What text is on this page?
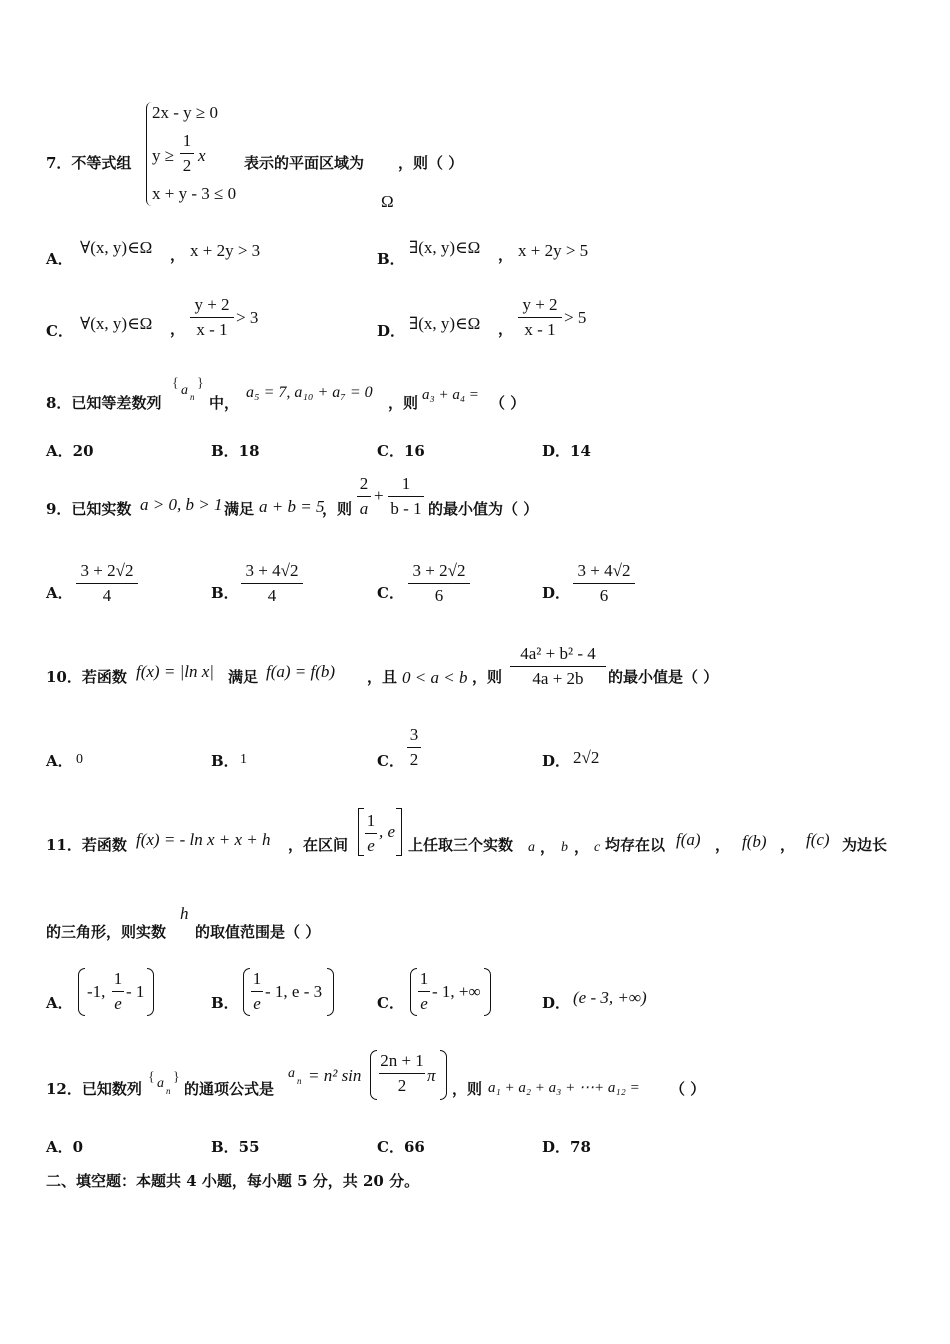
7．不等式组
2x - y ≥ 0
y ≥
1
2
x
x + y - 3 ≤ 0
表示的平面区域为 ，则（ ）
Ω
A．
∀(x, y)∈Ω ， x + 2y > 3	B．
∃(x, y)∈Ω ， x + 2y > 5
C． ∀(x, y)∈Ω ，
y + 2
x - 1
> 3
D． ∃(x, y)∈Ω ，
y + 2
x - 1
> 5
8．已知等差数列
{ a n
}
中，
a₅ = 7, a₁₀ + a₇ = 0
，则 a₃ + a₄ = （ ）
A．20	B．18	C．16	D．14
9．已知实数 a > 0, b > 1 满足 a + b = 5
，则
2
a
+
1
b - 1 的最小值为（ ）
A．
3 + 2√2
4	B．
3 + 4√2
4	C．
3 + 2√2
6	D．
3 + 4√2
6
10．若函数 f(x) = |ln x| 满足 f(a) = f(b) ，且 0 < a < b ，则
4a² + b² - 4
4a + 2b	的最小值是（ ）
A． 0	B． 1	C．
3
2	D． 2√2
11．若函数 f(x) = - ln x + x + h ，在区间
1
e
, e
上任取三个实数 a ， b ， c 均存在以 f(a) ， f(b) ， f(c) 为边长
的三角形，则实数
h
的取值范围是（ ）
A．
-1,
1
e
- 1
B．
1
e
- 1, e - 3
C．
1
e
- 1, +∞
D． (e - 3, +∞)
12．已知数列
{ a n
}
的通项公式是
a n = n² sin
2n + 1
2
π
，则 a₁ + a₂ + a₃ + ⋯+ a₁₂ = （ ）
A．0	B．55	C．66	D．78
二、填空题：本题共 4 小题，每小题 5 分，共 20 分。
